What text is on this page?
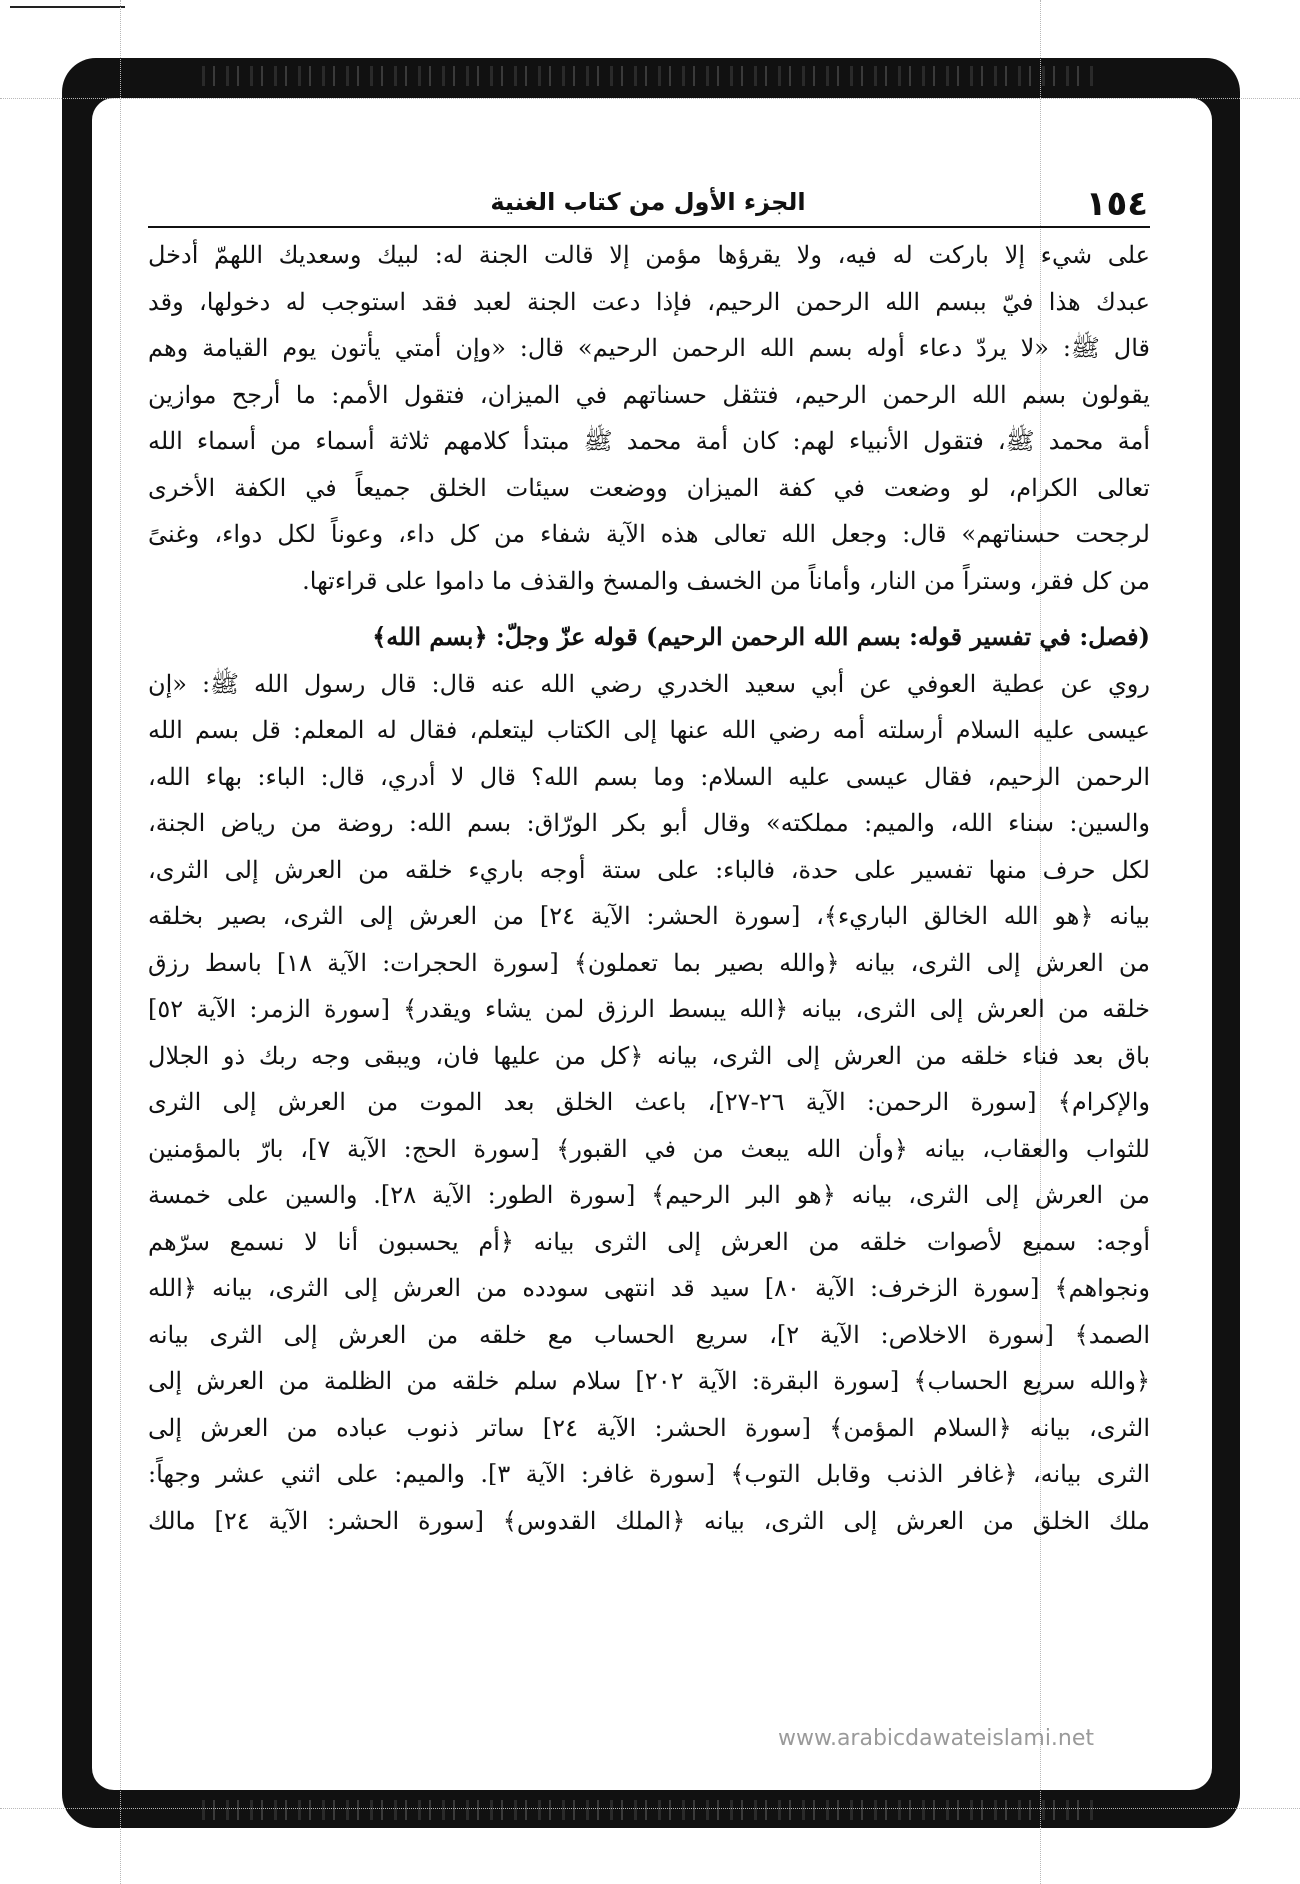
١٥٤
الجزء الأول من كتاب الغنية
على شيء إلا باركت له فيه، ولا يقرؤها مؤمن إلا قالت الجنة له: لبيك وسعديك اللهمّ أدخل
عبدك هذا فيّ ببسم الله الرحمن الرحيم، فإذا دعت الجنة لعبد فقد استوجب له دخولها، وقد
قال ﷺ: «لا يردّ دعاء أوله بسم الله الرحمن الرحيم» قال: «وإن أمتي يأتون يوم القيامة وهم
يقولون بسم الله الرحمن الرحيم، فتثقل حسناتهم في الميزان، فتقول الأمم: ما أرجح موازين
أمة محمد ﷺ، فتقول الأنبياء لهم: كان أمة محمد ﷺ مبتدأ كلامهم ثلاثة أسماء من أسماء الله
تعالى الكرام، لو وضعت في كفة الميزان ووضعت سيئات الخلق جميعاً في الكفة الأخرى
لرجحت حسناتهم» قال: وجعل الله تعالى هذه الآية شفاء من كل داء، وعوناً لكل دواء، وغنىً
من كل فقر، وستراً من النار، وأماناً من الخسف والمسخ والقذف ما داموا على قراءتها.
(فصل: في تفسير قوله: بسم الله الرحمن الرحيم) قوله عزّ وجلّ: ﴿بسم الله﴾
روي عن عطية العوفي عن أبي سعيد الخدري رضي الله عنه قال: قال رسول الله ﷺ: «إن
عيسى عليه السلام أرسلته أمه رضي الله عنها إلى الكتاب ليتعلم، فقال له المعلم: قل بسم الله
الرحمن الرحيم، فقال عيسى عليه السلام: وما بسم الله؟ قال لا أدري، قال: الباء: بهاء الله،
والسين: سناء الله، والميم: مملكته» وقال أبو بكر الورّاق: بسم الله: روضة من رياض الجنة،
لكل حرف منها تفسير على حدة، فالباء: على ستة أوجه باريء خلقه من العرش إلى الثرى،
بيانه ﴿هو الله الخالق الباريء﴾، [سورة الحشر: الآية ٢٤] من العرش إلى الثرى، بصير بخلقه
من العرش إلى الثرى، بيانه ﴿والله بصير بما تعملون﴾ [سورة الحجرات: الآية ١٨] باسط رزق
خلقه من العرش إلى الثرى، بيانه ﴿الله يبسط الرزق لمن يشاء ويقدر﴾ [سورة الزمر: الآية ٥٢]
باق بعد فناء خلقه من العرش إلى الثرى، بيانه ﴿كل من عليها فان، ويبقى وجه ربك ذو الجلال
والإكرام﴾ [سورة الرحمن: الآية ٢٦-٢٧]، باعث الخلق بعد الموت من العرش إلى الثرى
للثواب والعقاب، بيانه ﴿وأن الله يبعث من في القبور﴾ [سورة الحج: الآية ٧]، بارّ بالمؤمنين
من العرش إلى الثرى، بيانه ﴿هو البر الرحيم﴾ [سورة الطور: الآية ٢٨]. والسين على خمسة
أوجه: سميع لأصوات خلقه من العرش إلى الثرى بيانه ﴿أم يحسبون أنا لا نسمع سرّهم
ونجواهم﴾ [سورة الزخرف: الآية ٨٠] سيد قد انتهى سودده من العرش إلى الثرى، بيانه ﴿الله
الصمد﴾ [سورة الاخلاص: الآية ٢]، سريع الحساب مع خلقه من العرش إلى الثرى بيانه
﴿والله سريع الحساب﴾ [سورة البقرة: الآية ٢٠٢] سلام سلم خلقه من الظلمة من العرش إلى
الثرى، بيانه ﴿السلام المؤمن﴾ [سورة الحشر: الآية ٢٤] ساتر ذنوب عباده من العرش إلى
الثرى بيانه، ﴿غافر الذنب وقابل التوب﴾ [سورة غافر: الآية ٣]. والميم: على اثني عشر وجهاً:
ملك الخلق من العرش إلى الثرى، بيانه ﴿الملك القدوس﴾ [سورة الحشر: الآية ٢٤] مالك
www.arabicdawateislami.net
